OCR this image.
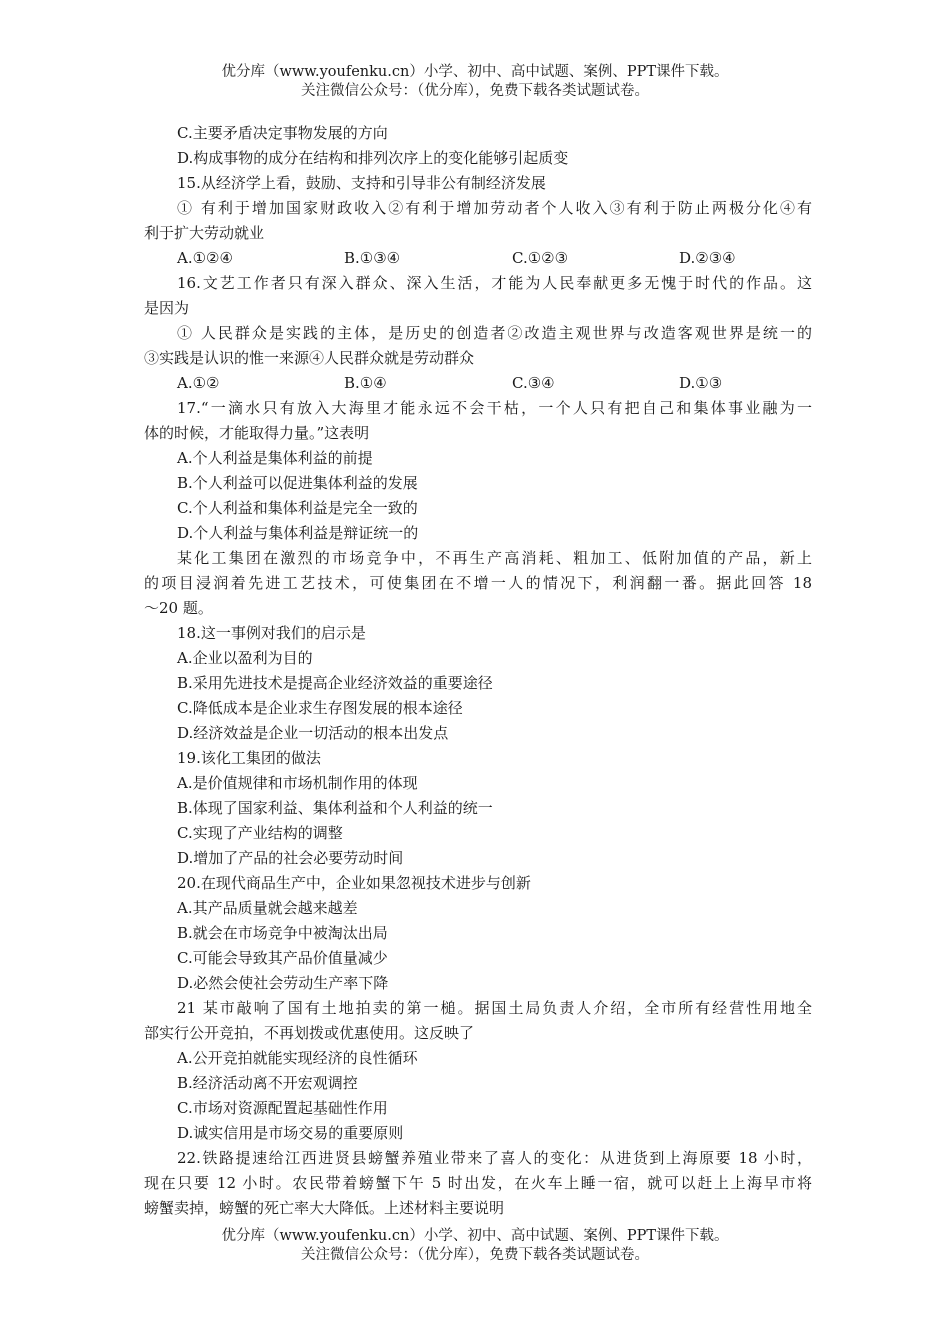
优分库（www.youfenku.cn）小学、初中、高中试题、案例、PPT课件下载。
关注微信公众号：（优分库），免费下载各类试题试卷。
C.主要矛盾决定事物发展的方向
D.构成事物的成分在结构和排列次序上的变化能够引起质变
15.从经济学上看，鼓励、支持和引导非公有制经济发展
① 有利于增加国家财政收入②有利于增加劳动者个人收入③有利于防止两极分化④有
利于扩大劳动就业
A.①②④	B.①③④	C.①②③	D.②③④
16.文艺工作者只有深入群众、深入生活，才能为人民奉献更多无愧于时代的作品。这
是因为
① 人民群众是实践的主体，是历史的创造者②改造主观世界与改造客观世界是统一的
③实践是认识的惟一来源④人民群众就是劳动群众
A.①②	B.①④	C.③④	D.①③
17.“一滴水只有放入大海里才能永远不会干枯，一个人只有把自己和集体事业融为一
体的时候，才能取得力量。”这表明
A.个人利益是集体利益的前提
B.个人利益可以促进集体利益的发展
C.个人利益和集体利益是完全一致的
D.个人利益与集体利益是辩证统一的
某化工集团在激烈的市场竞争中，不再生产高消耗、粗加工、低附加值的产品，新上
的项目浸润着先进工艺技术，可使集团在不增一人的情况下，利润翻一番。据此回答 18
～20 题。
18.这一事例对我们的启示是
A.企业以盈利为目的
B.采用先进技术是提高企业经济效益的重要途径
C.降低成本是企业求生存图发展的根本途径
D.经济效益是企业一切活动的根本出发点
19.该化工集团的做法
A.是价值规律和市场机制作用的体现
B.体现了国家利益、集体利益和个人利益的统一
C.实现了产业结构的调整
D.增加了产品的社会必要劳动时间
20.在现代商品生产中，企业如果忽视技术进步与创新
A.其产品质量就会越来越差
B.就会在市场竞争中被淘汰出局
C.可能会导致其产品价值量减少
D.必然会使社会劳动生产率下降
21 某市敲响了国有土地拍卖的第一槌。据国土局负责人介绍，全市所有经营性用地全
部实行公开竞拍，不再划拨或优惠使用。这反映了
A.公开竞拍就能实现经济的良性循环
B.经济活动离不开宏观调控
C.市场对资源配置起基础性作用
D.诚实信用是市场交易的重要原则
22.铁路提速给江西进贤县螃蟹养殖业带来了喜人的变化：从进货到上海原要 18 小时，
现在只要 12 小时。农民带着螃蟹下午 5 时出发，在火车上睡一宿，就可以赶上上海早市将
螃蟹卖掉，螃蟹的死亡率大大降低。上述材料主要说明
优分库（www.youfenku.cn）小学、初中、高中试题、案例、PPT课件下载。
关注微信公众号：（优分库），免费下载各类试题试卷。
